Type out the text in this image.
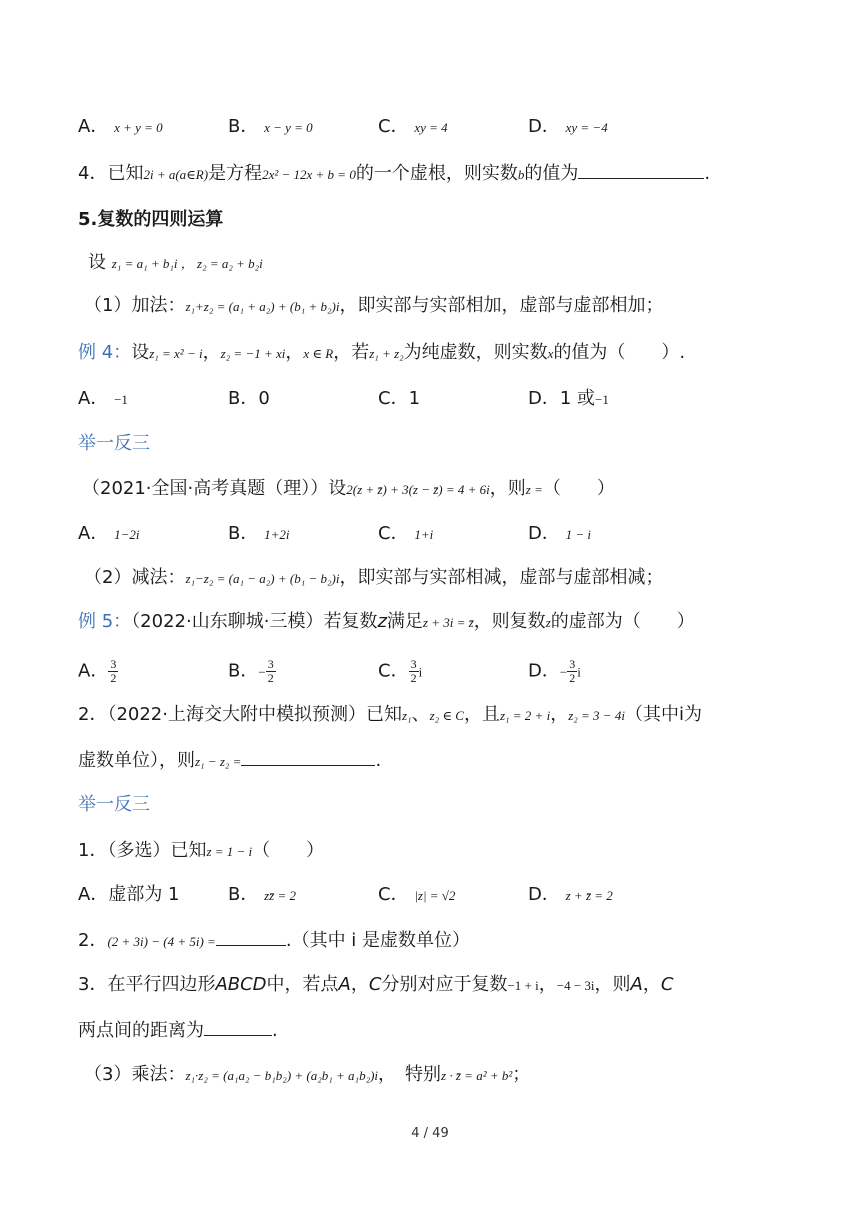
A． x + y = 0	B． x − y = 0	C． xy = 4	D． xy = −4
4．已知2i + a(a∈R)是方程2x² − 12x + b = 0的一个虚根，则实数b的值为	.
5.复数的四则运算
设 z₁ = a₁ + b₁i ， z₂ = a₂ + b₂i
（1）加法：z₁+z₂ = (a₁ + a₂) + (b₁ + b₂)i，即实部与实部相加，虚部与虚部相加；
例 4：设z₁ = x² − i，z₂ = −1 + xi，x ∈ R，若z₁ + z₂为纯虚数，则实数x的值为（　　）.
A． −1	B．0	C．1	D．1 或−1
举一反三
（2021·全国·高考真题（理））设2(z + z̄) + 3(z − z̄) = 4 + 6i，则z =（　　）
A． 1−2i	B． 1+2i	C． 1+i	D． 1 − i
（2）减法：z₁−z₂ = (a₁ − a₂) + (b₁ − b₂)i，即实部与实部相减，虚部与虚部相减；
例 5：（2022·山东聊城·三模）若复数z满足z + 3i = z̄，则复数z的虚部为（　　）
A． $\frac{3}{2}$	B．− $\frac{3}{2}$	C． $\frac{3}{2}$ i	D．− $\frac{3}{2}$ i
2．（2022·上海交大附中模拟预测）已知z₁、z₂ ∈ C，且z₁ = 2 + i，z₂ = 3 − 4i（其中i为
虚数单位），则z₁ − z₂ =	.
举一反三
1．（多选）已知z = 1 − i（　　）
A．虚部为 1	B． zz̄ = 2	C． |z| = √2	D． z + z̄ = 2
2．(2 + 3i) − (4 + 5i) =	.（其中 i 是虚数单位）
3．在平行四边形ABCD中，若点A，C分别对应于复数−1 + i，−4 − 3i，则A，C
两点间的距离为	.
（3）乘法：z₁·z₂ = (a₁a₂ − b₁b₂) + (a₂b₁ + a₁b₂)i，　特别z · z̄ = a² + b²；
4 / 49
